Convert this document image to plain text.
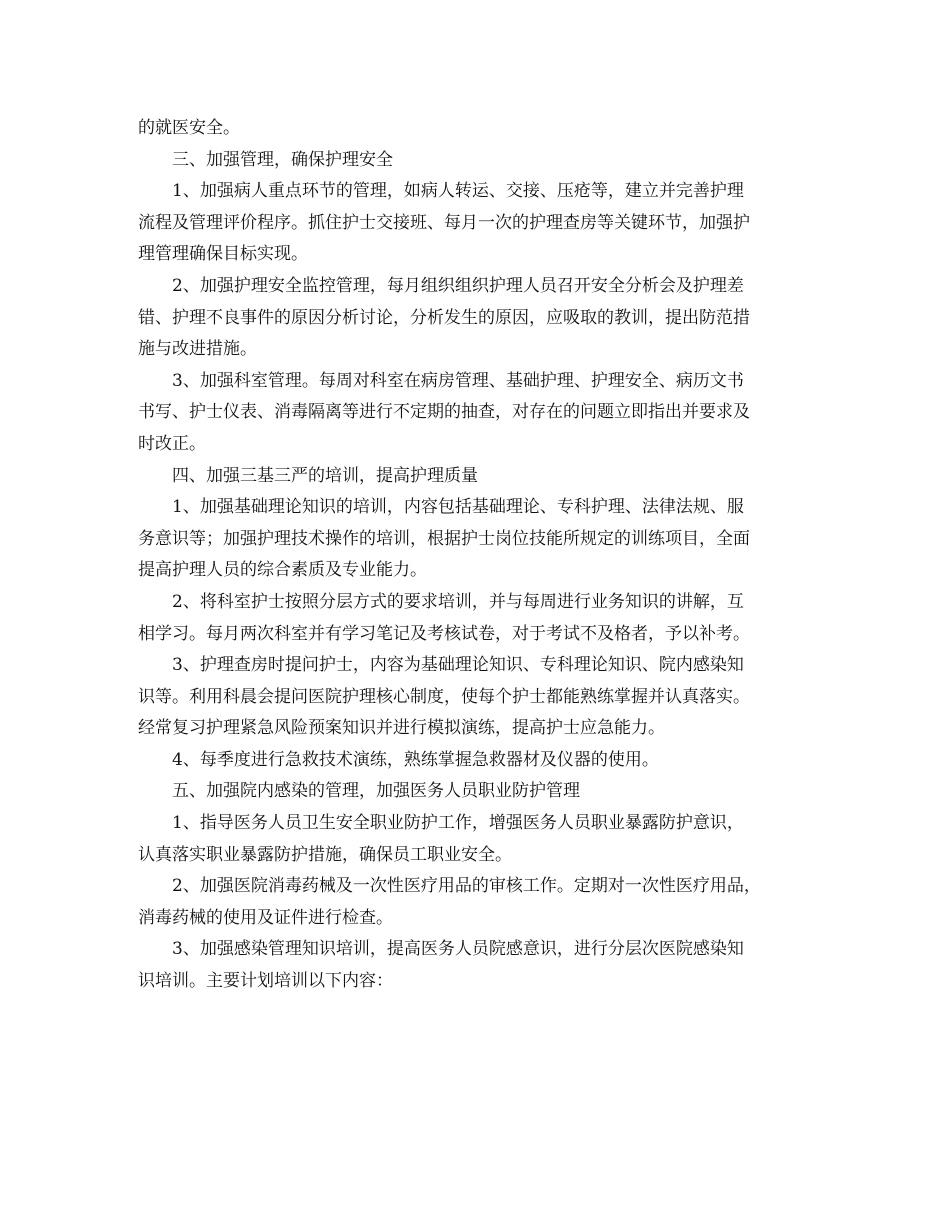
的就医安全。
三、加强管理，确保护理安全
1、加强病人重点环节的管理，如病人转运、交接、压疮等，建立并完善护理
流程及管理评价程序。抓住护士交接班、每月一次的护理查房等关键环节，加强护
理管理确保目标实现。
2、加强护理安全监控管理，每月组织组织护理人员召开安全分析会及护理差
错、护理不良事件的原因分析讨论，分析发生的原因，应吸取的教训，提出防范措
施与改进措施。
3、加强科室管理。每周对科室在病房管理、基础护理、护理安全、病历文书
书写、护士仪表、消毒隔离等进行不定期的抽查，对存在的问题立即指出并要求及
时改正。
四、加强三基三严的培训，提高护理质量
1、加强基础理论知识的培训，内容包括基础理论、专科护理、法律法规、服
务意识等；加强护理技术操作的培训，根据护士岗位技能所规定的训练项目，全面
提高护理人员的综合素质及专业能力。
2、将科室护士按照分层方式的要求培训，并与每周进行业务知识的讲解，互
相学习。每月两次科室并有学习笔记及考核试卷，对于考试不及格者，予以补考。
3、护理查房时提问护士，内容为基础理论知识、专科理论知识、院内感染知
识等。利用科晨会提问医院护理核心制度，使每个护士都能熟练掌握并认真落实。
经常复习护理紧急风险预案知识并进行模拟演练，提高护士应急能力。
4、每季度进行急救技术演练，熟练掌握急救器材及仪器的使用。
五、加强院内感染的管理，加强医务人员职业防护管理
1、指导医务人员卫生安全职业防护工作，增强医务人员职业暴露防护意识，
认真落实职业暴露防护措施，确保员工职业安全。
2、加强医院消毒药械及一次性医疗用品的审核工作。定期对一次性医疗用品，
消毒药械的使用及证件进行检查。
3、加强感染管理知识培训，提高医务人员院感意识，进行分层次医院感染知
识培训。主要计划培训以下内容：
